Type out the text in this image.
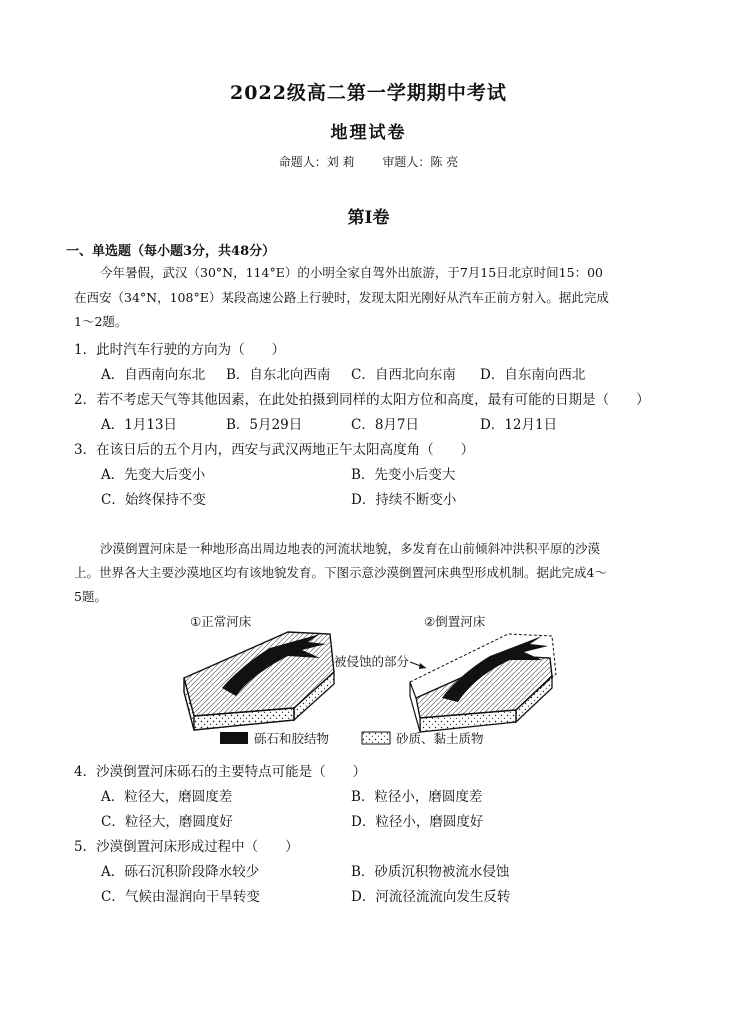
2022级高二第一学期期中考试
地理试卷
命题人：刘 莉 审题人：陈 亮
第Ⅰ卷
一、单选题（每小题3分，共48分）
今年暑假，武汉（30°N，114°E）的小明全家自驾外出旅游，于7月15日北京时间15：00
在西安（34°N，108°E）某段高速公路上行驶时，发现太阳光刚好从汽车正前方射入。据此完成
1～2题。
1．此时汽车行驶的方向为（　　）
A．自西南向东北 B．自东北向西南 C．自西北向东南 D．自东南向西北
2．若不考虑天气等其他因素，在此处拍摄到同样的太阳方位和高度，最有可能的日期是（　　）
A．1月13日	B．5月29日	C．8月7日	D．12月1日
3．在该日后的五个月内，西安与武汉两地正午太阳高度角（　　）
A．先变大后变小	B．先变小后变大
C．始终保持不变	D．持续不断变小
沙漠倒置河床是一种地形高出周边地表的河流状地貌，多发育在山前倾斜冲洪积平原的沙漠
上。世界各大主要沙漠地区均有该地貌发育。下图示意沙漠倒置河床典型形成机制。据此完成4～
5题。
①正常河床	②倒置河床
被侵蚀的部分
砾石和胶结物	砂质、黏土质物
4．沙漠倒置河床砾石的主要特点可能是（　　）
A．粒径大，磨圆度差	B．粒径小，磨圆度差
C．粒径大，磨圆度好	D．粒径小，磨圆度好
5．沙漠倒置河床形成过程中（　　）
A．砾石沉积阶段降水较少	B．砂质沉积物被流水侵蚀
C．气候由湿润向干旱转变	D．河流径流流向发生反转
